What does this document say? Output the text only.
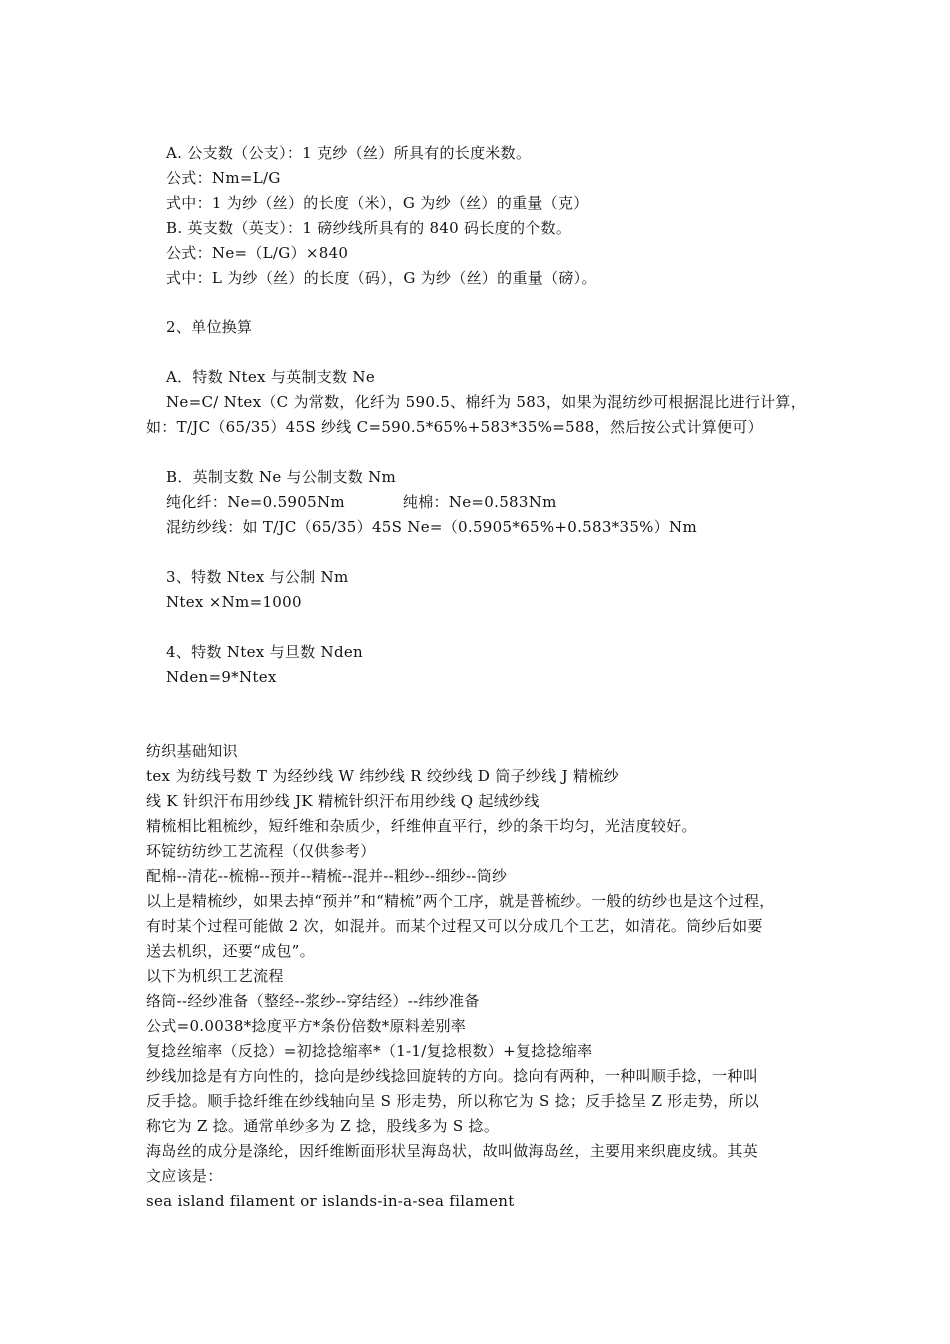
A. 公支数（公支）：1 克纱（丝）所具有的长度米数。

公式：Nm=L/G

式中：1 为纱（丝）的长度（米），G 为纱（丝）的重量（克）

B. 英支数（英支）：1 磅纱线所具有的 840 码长度的个数。

公式：Ne=（L/G）×840

式中：L 为纱（丝）的长度（码），G 为纱（丝）的重量（磅）。

2、单位换算

A．特数 Ntex 与英制支数 Ne

Ne=C/ Ntex（C 为常数，化纤为 590.5、棉纤为 583，如果为混纺纱可根据混比进行计算，

如：T/JC（65/35）45S 纱线 C=590.5*65%+583*35%=588，然后按公式计算便可）

B．英制支数 Ne 与公制支数 Nm

纯化纤：Ne=0.5905Nm	纯棉：Ne=0.583Nm

混纺纱线：如 T/JC（65/35）45S Ne=（0.5905*65%+0.583*35%）Nm

3、特数 Ntex 与公制 Nm

Ntex ×Nm=1000

4、特数 Ntex 与旦数 Nden

Nden=9*Ntex

纺织基础知识

tex 为纺线号数 T 为经纱线 W 纬纱线 R 绞纱线 D 筒子纱线 J 精梳纱

线 K 针织汗布用纱线 JK 精梳针织汗布用纱线 Q 起绒纱线

精梳相比粗梳纱，短纤维和杂质少，纤维伸直平行，纱的条干均匀，光洁度较好。

环锭纺纺纱工艺流程（仅供参考）

配棉--清花--梳棉--预并--精梳--混并--粗纱--细纱--筒纱

以上是精梳纱，如果去掉“预并”和“精梳”两个工序，就是普梳纱。一般的纺纱也是这个过程，

有时某个过程可能做 2 次，如混并。而某个过程又可以分成几个工艺，如清花。筒纱后如要

送去机织，还要“成包”。

以下为机织工艺流程

络筒--经纱准备（整经--浆纱--穿结经）--纬纱准备

公式=0.0038*捻度平方*条份倍数*原料差别率

复捻丝缩率（反捻）=初捻捻缩率*（1-1/复捻根数）+复捻捻缩率

纱线加捻是有方向性的，捻向是纱线捻回旋转的方向。捻向有两种，一种叫顺手捻，一种叫

反手捻。顺手捻纤维在纱线轴向呈 S 形走势，所以称它为 S 捻；反手捻呈 Z 形走势，所以

称它为 Z 捻。通常单纱多为 Z 捻，股线多为 S 捻。

海岛丝的成分是涤纶，因纤维断面形状呈海岛状，故叫做海岛丝，主要用来织鹿皮绒。其英

文应该是：

sea island filament or islands-in-a-sea filament
